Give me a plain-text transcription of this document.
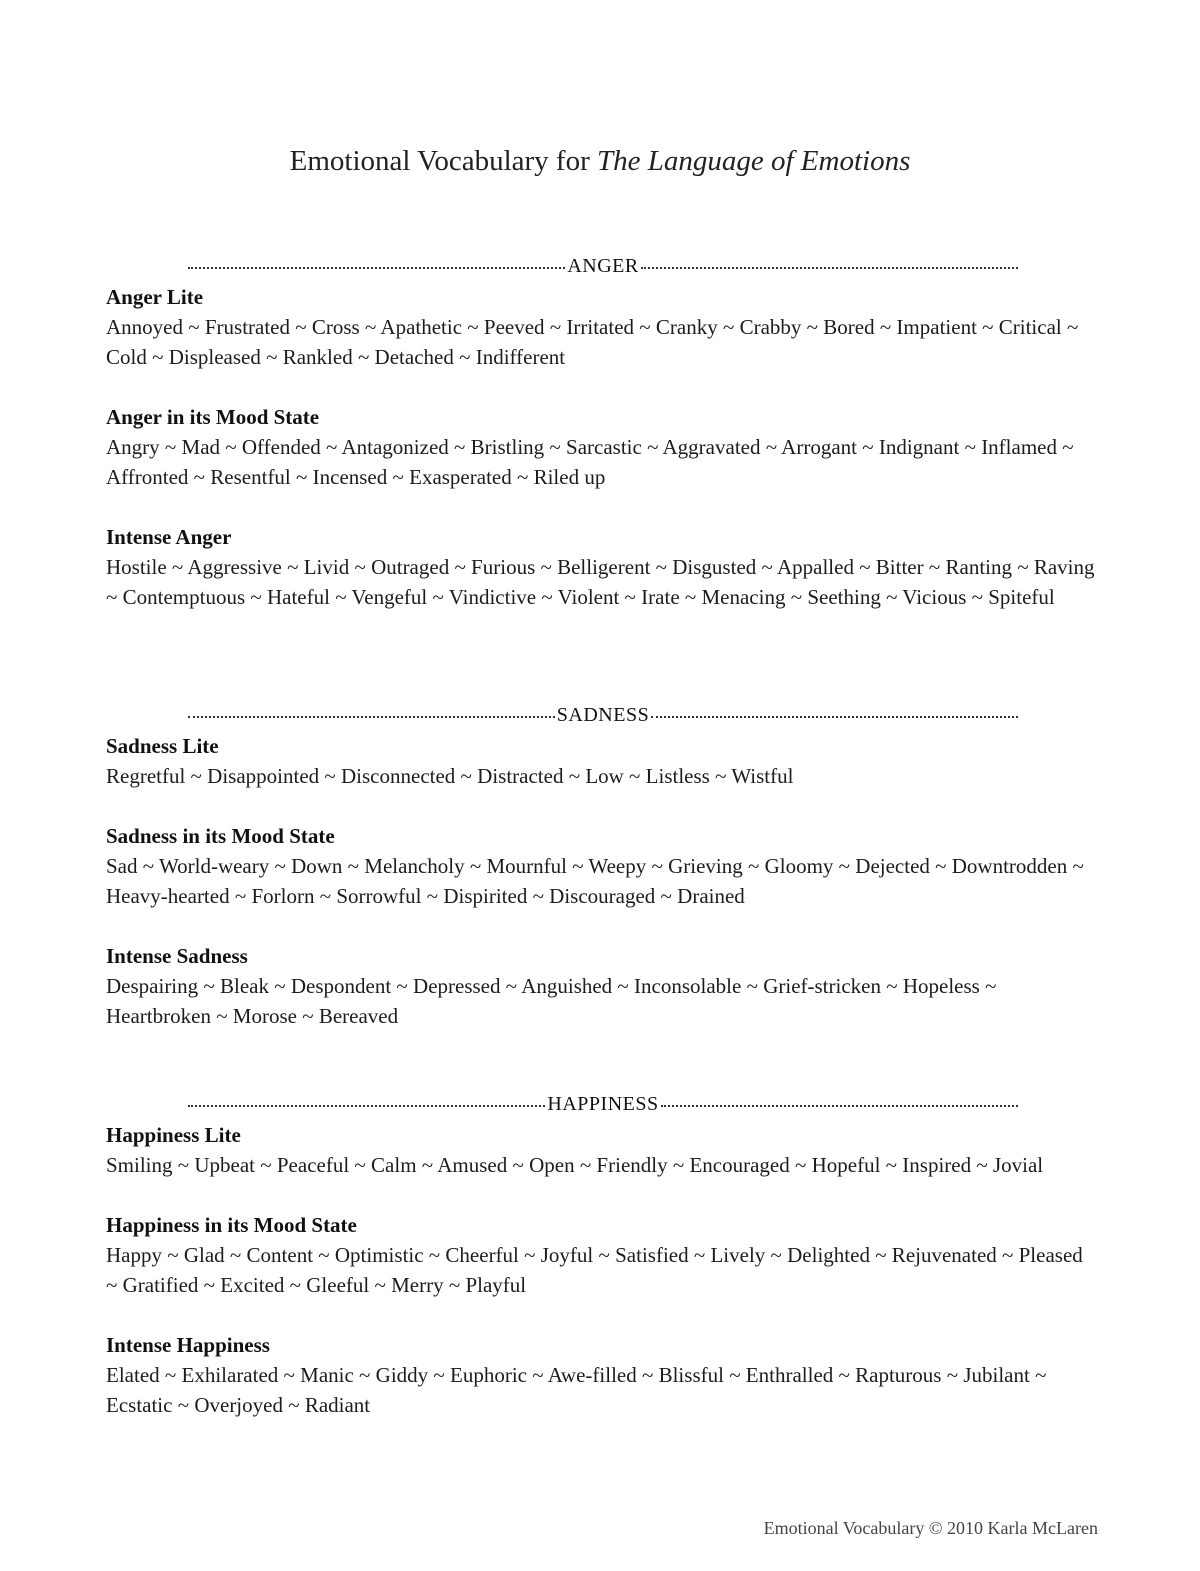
Emotional Vocabulary for The Language of Emotions
ANGER

Anger Lite

Annoyed ~ Frustrated ~ Cross ~ Apathetic ~ Peeved ~ Irritated ~ Cranky ~ Crabby ~ Bored ~ Impatient ~ Critical ~ Cold ~ Displeased ~ Rankled ~ Detached ~ Indifferent

Anger in its Mood State

Angry ~ Mad ~ Offended ~ Antagonized ~ Bristling ~ Sarcastic ~ Aggravated ~ Arrogant ~ Indignant ~ Inflamed ~ Affronted ~ Resentful ~ Incensed ~ Exasperated ~ Riled up

Intense Anger

Hostile ~ Aggressive ~ Livid ~ Outraged ~ Furious ~ Belligerent ~ Disgusted ~ Appalled ~ Bitter ~ Ranting ~ Raving ~ Contemptuous ~ Hateful ~ Vengeful ~ Vindictive ~ Violent ~ Irate ~ Menacing ~ Seething ~ Vicious ~ Spiteful

SADNESS

Sadness Lite

Regretful ~ Disappointed ~ Disconnected ~ Distracted ~ Low ~ Listless ~ Wistful

Sadness in its Mood State

Sad ~ World-weary ~ Down ~ Melancholy ~ Mournful ~ Weepy ~ Grieving ~ Gloomy ~ Dejected ~ Downtrodden ~ Heavy-hearted ~ Forlorn ~ Sorrowful ~ Dispirited ~ Discouraged ~ Drained

Intense Sadness

Despairing ~ Bleak ~ Despondent ~ Depressed ~ Anguished ~ Inconsolable ~ Grief-stricken ~ Hopeless ~ Heartbroken ~ Morose ~ Bereaved

HAPPINESS

Happiness Lite

Smiling ~ Upbeat ~ Peaceful ~ Calm ~ Amused ~ Open ~ Friendly ~ Encouraged ~ Hopeful ~ Inspired ~ Jovial

Happiness in its Mood State

Happy ~ Glad ~ Content ~ Optimistic ~ Cheerful ~ Joyful ~ Satisfied ~ Lively ~ Delighted ~ Rejuvenated ~ Pleased ~ Gratified ~ Excited ~ Gleeful ~ Merry ~ Playful

Intense Happiness

Elated ~ Exhilarated ~ Manic ~ Giddy ~ Euphoric ~ Awe-filled ~ Blissful ~ Enthralled ~ Rapturous ~ Jubilant ~ Ecstatic ~ Overjoyed ~ Radiant

Emotional Vocabulary © 2010 Karla McLaren
